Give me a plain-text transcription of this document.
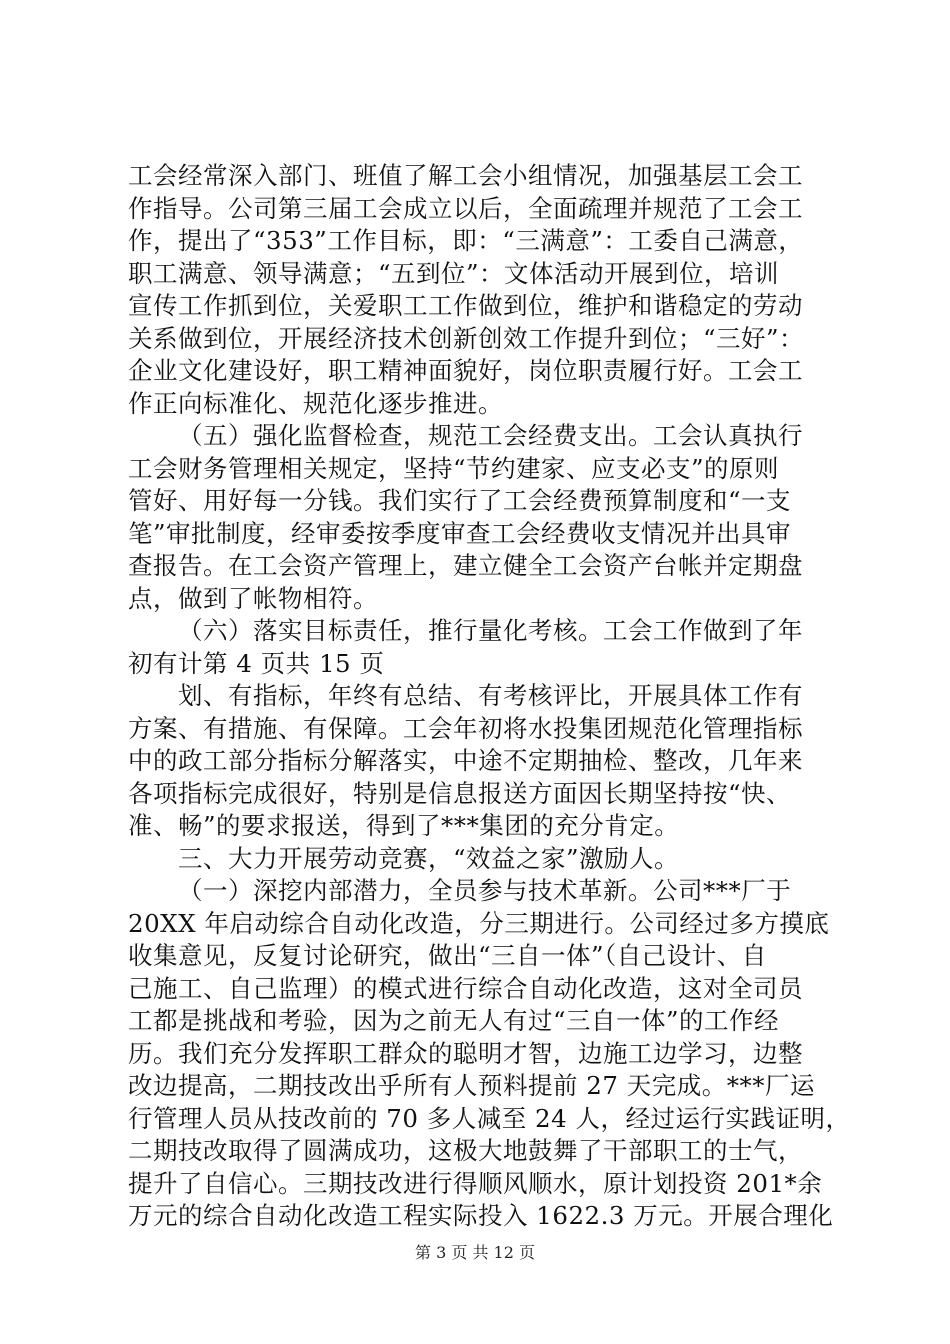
工会经常深入部门、班值了解工会小组情况，加强基层工会工
作指导。公司第三届工会成立以后，全面疏理并规范了工会工
作，提出了“353”工作目标，即：“三满意”：工委自己满意，
职工满意、领导满意；“五到位”：文体活动开展到位，培训
宣传工作抓到位，关爱职工工作做到位，维护和谐稳定的劳动
关系做到位，开展经济技术创新创效工作提升到位；“三好”：
企业文化建设好，职工精神面貌好，岗位职责履行好。工会工
作正向标准化、规范化逐步推进。
（五）强化监督检查，规范工会经费支出。工会认真执行
工会财务管理相关规定，坚持“节约建家、应支必支”的原则
管好、用好每一分钱。我们实行了工会经费预算制度和“一支
笔”审批制度，经审委按季度审查工会经费收支情况并出具审
查报告。在工会资产管理上，建立健全工会资产台帐并定期盘
点，做到了帐物相符。
（六）落实目标责任，推行量化考核。工会工作做到了年
初有计第 4 页共 15 页
划、有指标，年终有总结、有考核评比，开展具体工作有
方案、有措施、有保障。工会年初将水投集团规范化管理指标
中的政工部分指标分解落实，中途不定期抽检、整改，几年来
各项指标完成很好，特别是信息报送方面因长期坚持按“快、
准、畅”的要求报送，得到了***集团的充分肯定。
三、大力开展劳动竞赛，“效益之家”激励人。
（一）深挖内部潜力，全员参与技术革新。公司***厂于
20XX 年启动综合自动化改造，分三期进行。公司经过多方摸底
收集意见，反复讨论研究，做出“三自一体”（自己设计、自
己施工、自己监理）的模式进行综合自动化改造，这对全司员
工都是挑战和考验，因为之前无人有过“三自一体”的工作经
历。我们充分发挥职工群众的聪明才智，边施工边学习，边整
改边提高，二期技改出乎所有人预料提前 27 天完成。***厂运
行管理人员从技改前的 70 多人减至 24 人，经过运行实践证明，
二期技改取得了圆满成功，这极大地鼓舞了干部职工的士气，
提升了自信心。三期技改进行得顺风顺水，原计划投资 201*余
万元的综合自动化改造工程实际投入 1622.3 万元。开展合理化
第 3 页 共 12 页
